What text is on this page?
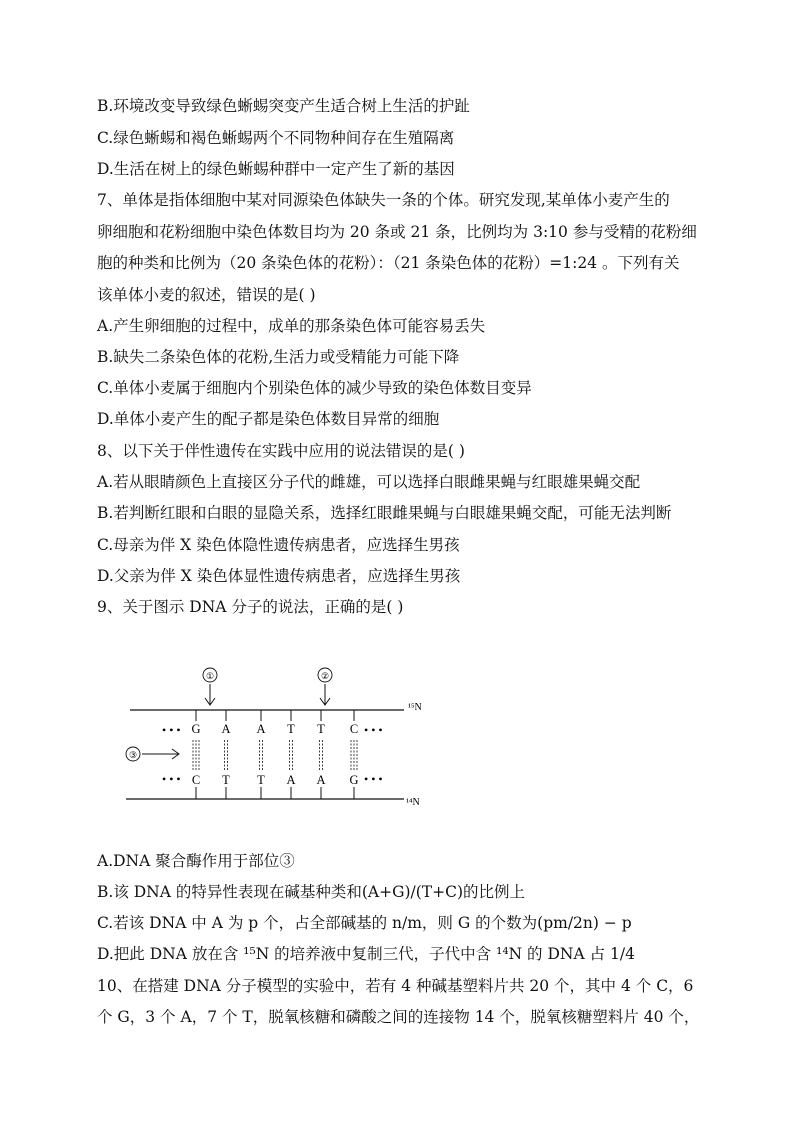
B.环境改变导致绿色蜥蜴突变产生适合树上生活的护趾
C.绿色蜥蜴和褐色蜥蜴两个不同物种间存在生殖隔离
D.生活在树上的绿色蜥蜴种群中一定产生了新的基因
7、单体是指体细胞中某对同源染色体缺失一条的个体。研究发现,某单体小麦产生的
卵细胞和花粉细胞中染色体数目均为 20 条或 21 条，比例均为 3:10 参与受精的花粉细
胞的种类和比例为（20 条染色体的花粉）：（21 条染色体的花粉）=1:24 。下列有关
该单体小麦的叙述，错误的是( )
A.产生卵细胞的过程中，成单的那条染色体可能容易丢失
B.缺失二条染色体的花粉,生活力或受精能力可能下降
C.单体小麦属于细胞内个别染色体的减少导致的染色体数目变异
D.单体小麦产生的配子都是染色体数目异常的细胞
8、以下关于伴性遗传在实践中应用的说法错误的是( )
A.若从眼睛颜色上直接区分子代的雌雄，可以选择白眼雌果蝇与红眼雄果蝇交配
B.若判断红眼和白眼的显隐关系，选择红眼雌果蝇与白眼雄果蝇交配，可能无法判断
C.母亲为伴 X 染色体隐性遗传病患者，应选择生男孩
D.父亲为伴 X 染色体显性遗传病患者，应选择生男孩
9、关于图示 DNA 分子的说法，正确的是( )
¹⁵N
¹⁴N
①	②
③
• • •	• • •
• • •	• • •
G
C
A
T
A
T
T
A
T
A
C
G
A.DNA 聚合酶作用于部位③
B.该 DNA 的特异性表现在碱基种类和(A+G)/(T+C)的比例上
C.若该 DNA 中 A 为 p 个，占全部碱基的 n/m，则 G 的个数为(pm/2n) − p
D.把此 DNA 放在含 ¹⁵N 的培养液中复制三代，子代中含 ¹⁴N 的 DNA 占 1/4
10、在搭建 DNA 分子模型的实验中，若有 4 种碱基塑料片共 20 个，其中 4 个 C，6
个 G，3 个 A，7 个 T，脱氧核糖和磷酸之间的连接物 14 个，脱氧核糖塑料片 40 个，
